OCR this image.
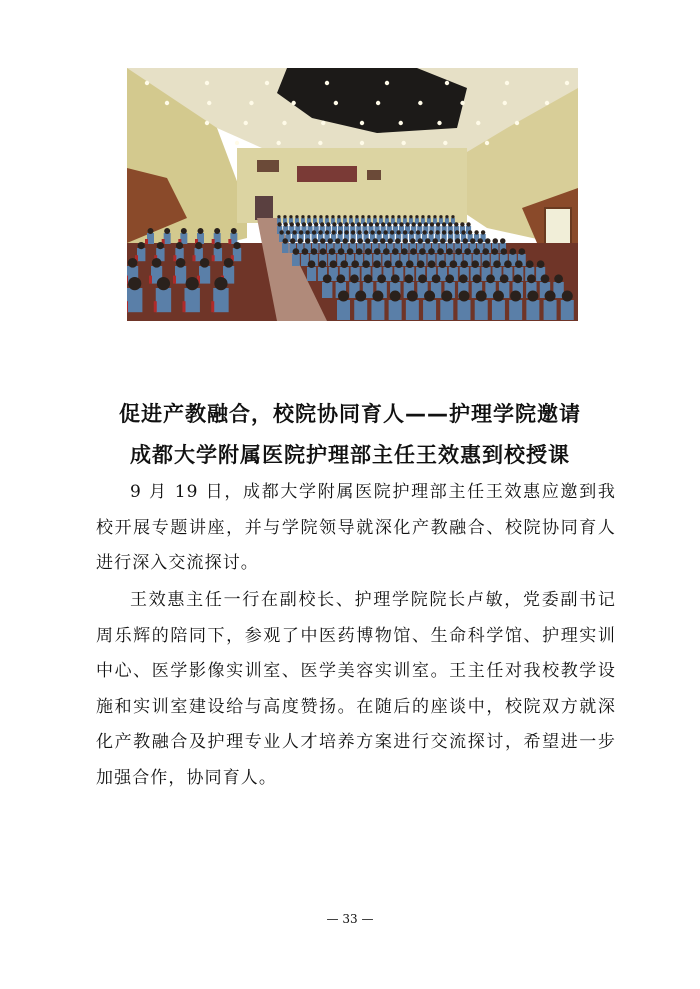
促进产教融合，校院协同育人——护理学院邀请
成都大学附属医院护理部主任王效惠到校授课

9 月 19 日，成都大学附属医院护理部主任王效惠应邀到我校开展专题讲座，并与学院领导就深化产教融合、校院协同育人进行深入交流探讨。

王效惠主任一行在副校长、护理学院院长卢敏，党委副书记周乐辉的陪同下，参观了中医药博物馆、生命科学馆、护理实训中心、医学影像实训室、医学美容实训室。王主任对我校教学设施和实训室建设给与高度赞扬。在随后的座谈中，校院双方就深化产教融合及护理专业人才培养方案进行交流探讨，希望进一步加强合作，协同育人。

— 33 —
